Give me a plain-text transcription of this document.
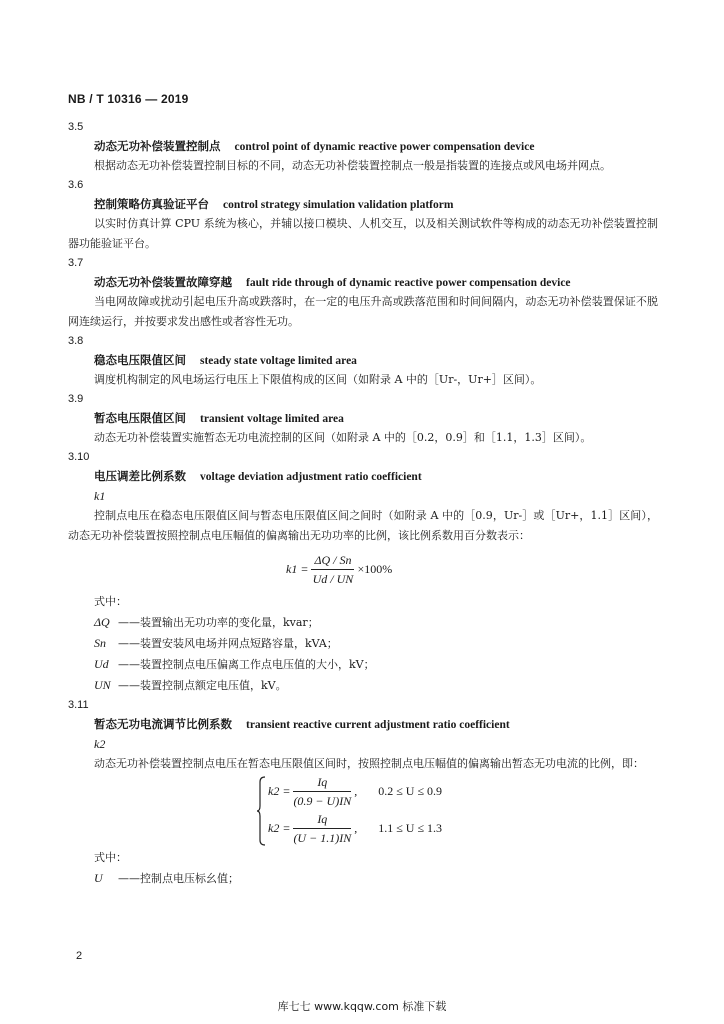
NB / T 10316 — 2019
3.5
动态无功补偿装置控制点 control point of dynamic reactive power compensation device

根据动态无功补偿装置控制目标的不同，动态无功补偿装置控制点一般是指装置的连接点或风电场并网点。

3.6
控制策略仿真验证平台 control strategy simulation validation platform

以实时仿真计算 CPU 系统为核心，并辅以接口模块、人机交互，以及相关测试软件等构成的动态无功补偿装置控制器功能验证平台。

3.7
动态无功补偿装置故障穿越 fault ride through of dynamic reactive power compensation device

当电网故障或扰动引起电压升高或跌落时，在一定的电压升高或跌落范围和时间间隔内，动态无功补偿装置保证不脱网连续运行，并按要求发出感性或者容性无功。

3.8
稳态电压限值区间 steady state voltage limited area

调度机构制定的风电场运行电压上下限值构成的区间（如附录 A 中的［Ur-，Ur+］区间）。

3.9
暂态电压限值区间 transient voltage limited area

动态无功补偿装置实施暂态无功电流控制的区间（如附录 A 中的［0.2，0.9］和［1.1，1.3］区间）。

3.10
电压调差比例系数 voltage deviation adjustment ratio coefficient
k1

控制点电压在稳态电压限值区间与暂态电压限值区间之间时（如附录 A 中的［0.9，Ur-］或［Ur+，1.1］区间），动态无功补偿装置按照控制点电压幅值的偏离输出无功功率的比例，该比例系数用百分数表示：

$k1 = \frac{\Delta Q / Sn}{Ud / UN} \times 100\%$
式中：
ΔQ ——装置输出无功功率的变化量，kvar；
Sn ——装置安装风电场并网点短路容量，kVA；
Ud ——装置控制点电压偏离工作点电压值的大小，kV；
UN ——装置控制点额定电压值，kV。
3.11
暂态无功电流调节比例系数 transient reactive current adjustment ratio coefficient
k2

动态无功补偿装置控制点电压在暂态电压限值区间时，按照控制点电压幅值的偏离输出暂态无功电流的比例，即：

$k2 = \frac{Iq}{(0.9 - U)IN}$ , 0.2 ≤ U ≤ 0.9
$k2 = \frac{Iq}{(U - 1.1)IN}$ , 1.1 ≤ U ≤ 1.3
式中：
U ——控制点电压标幺值；
2
库七七 www.kqqw.com 标准下载
